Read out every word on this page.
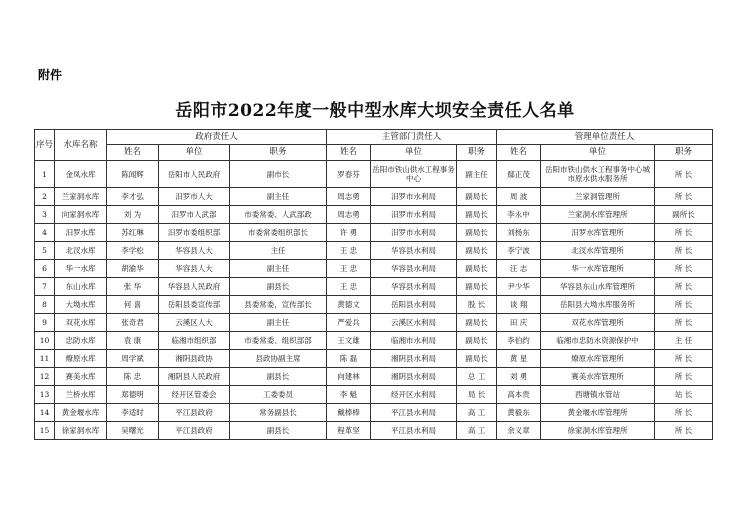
附件
岳阳市2022年度一般中型水库大坝安全责任人名单
序号	水库名称	政府责任人			主管部门责任人			管理单位责任人		
		姓名	单位	职务	姓名	单位	职务	姓名	单位	职务
1	金凤水库	陈闻辉	岳阳市人民政府	副市长	罗春芬	岳阳市铁山供水工程事务中心	副主任	鄢正茂	岳阳市铁山供水工程事务中心城市原水供水服务所	所 长
2	兰家洞水库	李才弘	汨罗市人大	副主任	周志勇	汨罗市水利局	副局长	周 波	兰家洞管理所	所 长
3	向家洞水库	刘 为	汨罗市人武部	市委常委、人武部政	周志勇	汨罗市水利局	副局长	李永中	兰家洞水库管理所	副所长
4	汨罗水库	苏红琳	汨罗市委组织部	市委常委组织部长	许 勇	汨罗市水利局	副局长	刘杨东	汨罗水库管理所	所 长
5	北汊水库	李学松	华容县人大	主任	王 忠	华容县水利局	副局长	李宁波	北汊水库管理所	所 长
6	华一水库	胡渝华	华容县人大	副主任	王 忠	华容县水利局	副局长	汪 志	华一水库管理所	所 长
7	东山水库	张 华	华容县人民政府	副县长	王 忠	华容县水利局	副局长	尹少华	华容县东山水库管理所	所 长
8	大坳水库	何 喜	岳阳县委宣传部	县委常委，宣传部长	黄德文	岳阳县水利局	股 长	谈 翔	岳阳县大坳水库服务所	所 长
9	双花水库	张奇君	云溪区人大	副主任	严爱兵	云溪区水利局	副局长	田 庆	双花水库管理所	所 长
10	忠防水库	袁 康	临湘市组织部	市委常委、组织部部	王文雄	临湘市水利局	副局长	李伯约	临湘市忠防水资源保护中	主 任
11	燎原水库	周学斌	湘阴县政协	县政协副主席	陈 磊	湘阴县水利局	副局长	黄 星	燎原水库管理所	所 长
12	赛美水库	陈 忠	湘阴县人民政府	副县长	向建林	湘阴县水利局	总 工	刘 勇	赛美水库管理所	所 长
13	兰桥水库	郑德明	经开区管委会	工委委员	李 魁	经开区水利局	局 长	高本贵	西塘镇水管站	站 长
14	黄金堰水库	李适时	平江县政府	常务副县长	戴棒棒	平江县水利局	高 工	黄毅东	黄金堰水库管理所	所 长
15	徐家洞水库	吴曙光	平江县政府	副县长	程革坚	平江县水利局	高 工	余义章	徐家洞水库管理所	所 长
